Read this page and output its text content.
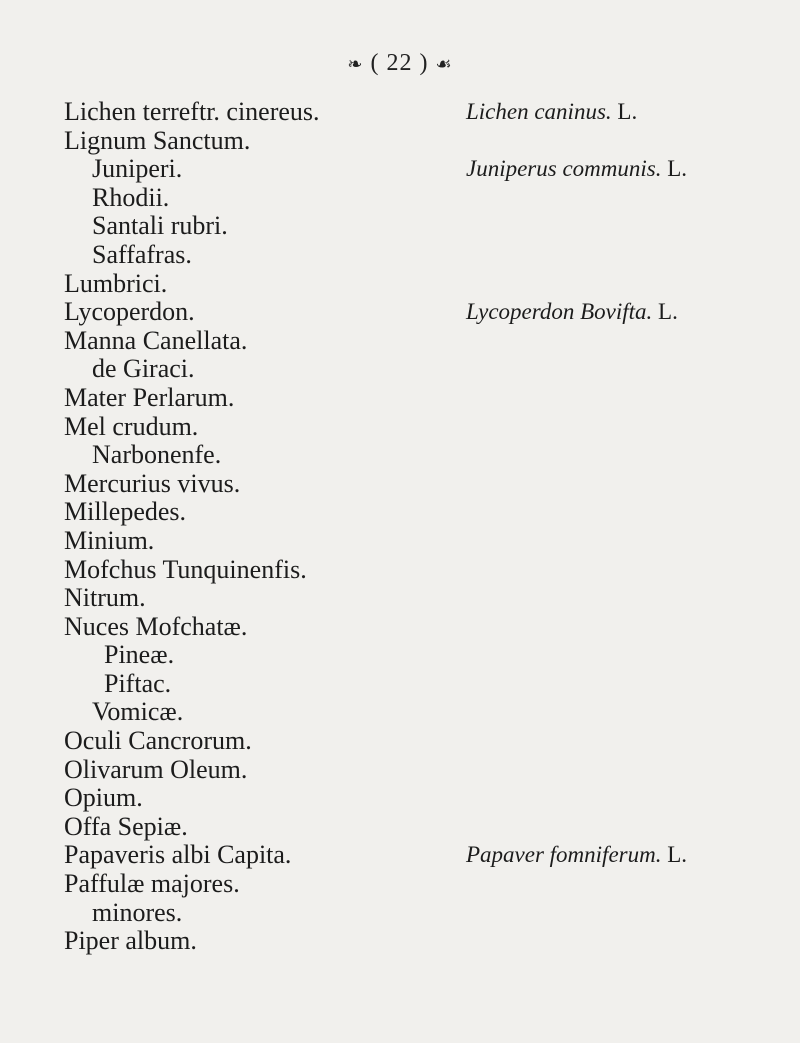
❧ ( 22 ) ☙
Lichen terreftr. cinereus.
Lignum Sanctum.
Juniperi.
Rhodii.
Santali rubri.
Saffafras.
Lumbrici.
Lycoperdon.
Manna Canellata.
de Giraci.
Mater Perlarum.
Mel crudum.
Narbonenfe.
Mercurius vivus.
Millepedes.
Minium.
Mofchus Tunquinenfis.
Nitrum.
Nuces Mofchatæ.
Pineæ.
Piftac.
Vomicæ.
Oculi Cancrorum.
Olivarum Oleum.
Opium.
Offa Sepiæ.
Papaveris albi Capita.
Paffulæ majores.
minores.
Piper album.
Lichen caninus. L.
Juniperus communis. L.
Lycoperdon Bovifta. L.
Papaver fomniferum. L.
